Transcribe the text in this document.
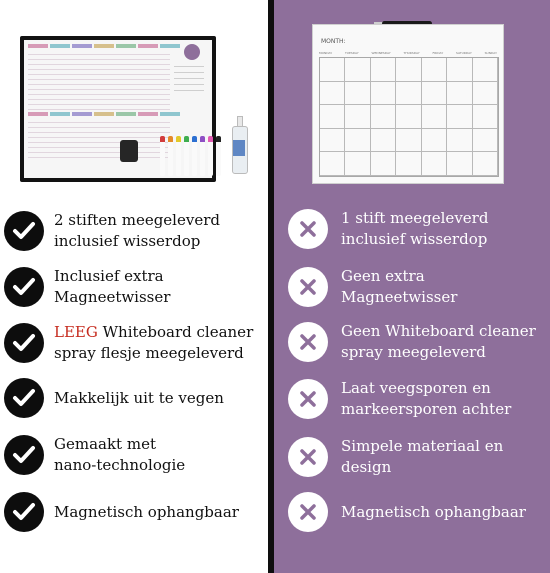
MONTH:
MONDAY	TUESDAY	WEDNESDAY	THURSDAY	FRIDAY	SATURDAY	SUNDAY
2 stiften meegeleverd
inclusief wisserdop
Inclusief extra
Magneetwisser
LEEG Whiteboard cleaner
spray flesje meegeleverd
Makkelijk uit te vegen
Gemaakt met
nano-technologie
Magnetisch ophangbaar
1 stift meegeleverd
inclusief wisserdop
Geen extra
Magneetwisser
Geen Whiteboard cleaner
spray meegeleverd
Laat veegsporen en
markeersporen achter
Simpele materiaal en
design
Magnetisch ophangbaar
